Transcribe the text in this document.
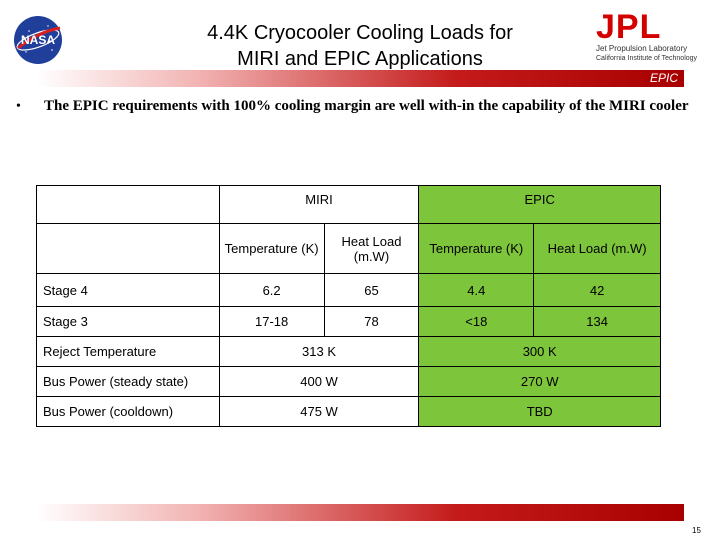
NASA	4.4K Cryocooler Cooling Loads for
MIRI and EPIC Applications
JPL
Jet Propulsion Laboratory
California Institute of Technology
EPIC
• The EPIC requirements with 100% cooling margin are well with-in the capability of the MIRI cooler
	MIRI		EPIC	
	Temperature (K)	Heat Load (m.W)	Temperature (K)	Heat Load (m.W)
Stage 4	6.2	65	4.4	42
Stage 3	17-18	78	<18	134
Reject Temperature	313 K		300 K	
Bus Power (steady state)	400 W		270 W	
Bus Power (cooldown)	475 W		TBD	
15
